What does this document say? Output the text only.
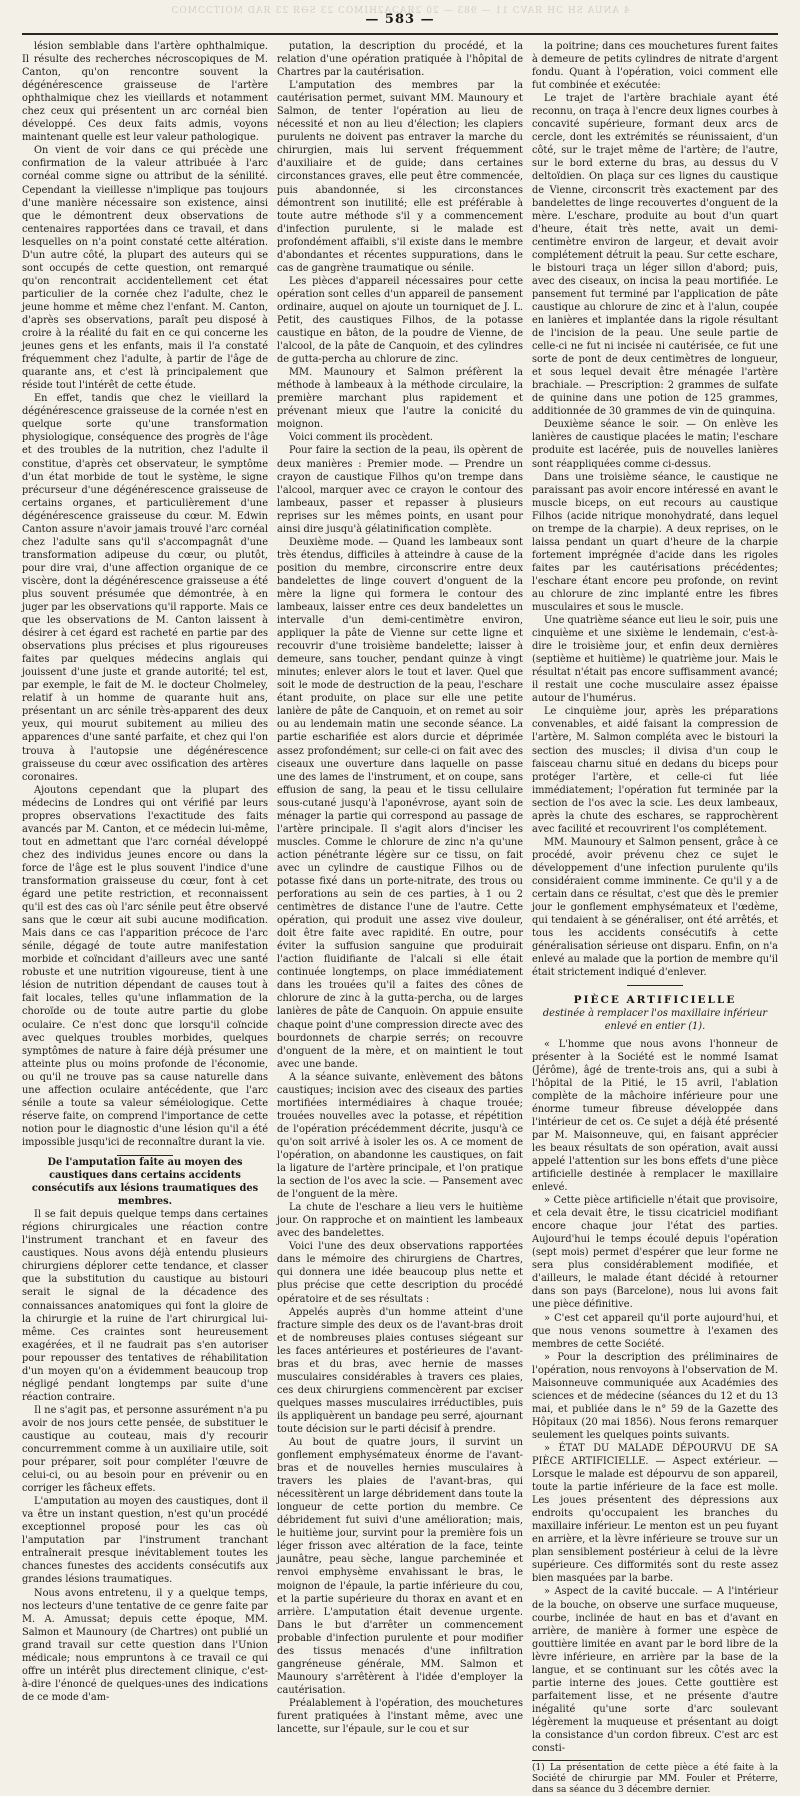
4 ANUA SH ƆH ЯAVƆ 11 — 983 — 20 2ЯAƆA2HIMOƆ 23 SƏЯ 23 ЯAD MOITƆƆMOƆ
— 583 —

lésion semblable dans l'artère ophthalmique. Il résulte des recherches nécroscopiques de M. Canton, qu'on rencontre souvent la dégénérescence graisseuse de l'artère ophthalmique chez les vieillards et notamment chez ceux qui présentent un arc cornéal bien développé. Ces deux faits admis, voyons maintenant quelle est leur valeur pathologique.

On vient de voir dans ce qui précède une confirmation de la valeur attribuée à l'arc cornéal comme signe ou attribut de la sénilité. Cependant la vieillesse n'implique pas toujours d'une manière nécessaire son existence, ainsi que le démontrent deux observations de centenaires rapportées dans ce travail, et dans lesquelles on n'a point constaté cette altération. D'un autre côté, la plupart des auteurs qui se sont occupés de cette question, ont remarqué qu'on rencontrait accidentellement cet état particulier de la cornée chez l'adulte, chez le jeune homme et même chez l'enfant. M. Canton, d'après ses observations, paraît peu disposé à croire à la réalité du fait en ce qui concerne les jeunes gens et les enfants, mais il l'a constaté fréquemment chez l'adulte, à partir de l'âge de quarante ans, et c'est là principalement que réside tout l'intérêt de cette étude.

En effet, tandis que chez le vieillard la dégénérescence graisseuse de la cornée n'est en quelque sorte qu'une transformation physiologique, conséquence des progrès de l'âge et des troubles de la nutrition, chez l'adulte il constitue, d'après cet observateur, le symptôme d'un état morbide de tout le système, le signe précurseur d'une dégénérescence graisseuse de certains organes, et particulièrement d'une dégénérescence graisseuse du cœur. M. Edwin Canton assure n'avoir jamais trouvé l'arc cornéal chez l'adulte sans qu'il s'accompagnât d'une transformation adipeuse du cœur, ou plutôt, pour dire vrai, d'une affection organique de ce viscère, dont la dégénérescence graisseuse a été plus souvent présumée que démontrée, à en juger par les observations qu'il rapporte. Mais ce que les observations de M. Canton laissent à désirer à cet égard est racheté en partie par des observations plus précises et plus rigoureuses faites par quelques médecins anglais qui jouissent d'une juste et grande autorité; tel est, par exemple, le fait de M. le docteur Cholmeley, relatif à un homme de quarante huit ans, présentant un arc sénile très-apparent des deux yeux, qui mourut subitement au milieu des apparences d'une santé parfaite, et chez qui l'on trouva à l'autopsie une dégénérescence graisseuse du cœur avec ossification des artères coronaires.

Ajoutons cependant que la plupart des médecins de Londres qui ont vérifié par leurs propres observations l'exactitude des faits avancés par M. Canton, et ce médecin lui-même, tout en admettant que l'arc cornéal développé chez des individus jeunes encore ou dans la force de l'âge est le plus souvent l'indice d'une transformation graisseuse du cœur, font à cet égard une petite restriction, et reconnaissent qu'il est des cas où l'arc sénile peut être observé sans que le cœur ait subi aucune modification. Mais dans ce cas l'apparition précoce de l'arc sénile, dégagé de toute autre manifestation morbide et coïncidant d'ailleurs avec une santé robuste et une nutrition vigoureuse, tient à une lésion de nutrition dépendant de causes tout à fait locales, telles qu'une inflammation de la choroïde ou de toute autre partie du globe oculaire. Ce n'est donc que lorsqu'il coïncide avec quelques troubles morbides, quelques symptômes de nature à faire déjà présumer une atteinte plus ou moins profonde de l'économie, ou qu'il ne trouve pas sa cause naturelle dans une affection oculaire antécédente, que l'arc sénile a toute sa valeur séméiologique. Cette réserve faite, on comprend l'importance de cette notion pour le diagnostic d'une lésion qu'il a été impossible jusqu'ici de reconnaître durant la vie.

De l'amputation faite au moyen des caustiques dans certains accidents consécutifs aux lésions traumatiques des membres.

Il se fait depuis quelque temps dans certaines régions chirurgicales une réaction contre l'instrument tranchant et en faveur des caustiques. Nous avons déjà entendu plusieurs chirurgiens déplorer cette tendance, et classer que la substitution du caustique au bistouri serait le signal de la décadence des connaissances anatomiques qui font la gloire de la chirurgie et la ruine de l'art chirurgical lui-même. Ces craintes sont heureusement exagérées, et il ne faudrait pas s'en autoriser pour repousser des tentatives de réhabilitation d'un moyen qu'on a évidemment beaucoup trop négligé pendant longtemps par suite d'une réaction contraire.

Il ne s'agit pas, et personne assurément n'a pu avoir de nos jours cette pensée, de substituer le caustique au couteau, mais d'y recourir concurremment comme à un auxiliaire utile, soit pour préparer, soit pour compléter l'œuvre de celui-ci, ou au besoin pour en prévenir ou en corriger les fâcheux effets.

L'amputation au moyen des caustiques, dont il va être un instant question, n'est qu'un procédé exceptionnel proposé pour les cas où l'amputation par l'instrument tranchant entraînerait presque inévitablement toutes les chances funestes des accidents consécutifs aux grandes lésions traumatiques.

Nous avons entretenu, il y a quelque temps, nos lecteurs d'une tentative de ce genre faite par M. A. Amussat; depuis cette époque, MM. Salmon et Maunoury (de Chartres) ont publié un grand travail sur cette question dans l'Union médicale; nous empruntons à ce travail ce qui offre un intérêt plus directement clinique, c'est-à-dire l'énoncé de quelques-unes des indications de ce mode d'am-

putation, la description du procédé, et la relation d'une opération pratiquée à l'hôpital de Chartres par la cautérisation.

L'amputation des membres par la cautérisation permet, suivant MM. Maunoury et Salmon, de tenter l'opération au lieu de nécessité et non au lieu d'élection; les clapiers purulents ne doivent pas entraver la marche du chirurgien, mais lui servent fréquemment d'auxiliaire et de guide; dans certaines circonstances graves, elle peut être commencée, puis abandonnée, si les circonstances démontrent son inutilité; elle est préférable à toute autre méthode s'il y a commencement d'infection purulente, si le malade est profondément affaibli, s'il existe dans le membre d'abondantes et récentes suppurations, dans le cas de gangrène traumatique ou sénile.

Les pièces d'appareil nécessaires pour cette opération sont celles d'un appareil de pansement ordinaire, auquel on ajoute un tourniquet de J. L. Petit, des caustiques Filhos, de la potasse caustique en bâton, de la poudre de Vienne, de l'alcool, de la pâte de Canquoin, et des cylindres de gutta-percha au chlorure de zinc.

MM. Maunoury et Salmon préfèrent la méthode à lambeaux à la méthode circulaire, la première marchant plus rapidement et prévenant mieux que l'autre la conicité du moignon.

Voici comment ils procèdent.

Pour faire la section de la peau, ils opèrent de deux manières : Premier mode. — Prendre un crayon de caustique Filhos qu'on trempe dans l'alcool, marquer avec ce crayon le contour des lambeaux, passer et repasser à plusieurs reprises sur les mêmes points, en usant pour ainsi dire jusqu'à gélatinification complète.

Deuxième mode. — Quand les lambeaux sont très étendus, difficiles à atteindre à cause de la position du membre, circonscrire entre deux bandelettes de linge couvert d'onguent de la mère la ligne qui formera le contour des lambeaux, laisser entre ces deux bandelettes un intervalle d'un demi-centimètre environ, appliquer la pâte de Vienne sur cette ligne et recouvrir d'une troisième bandelette; laisser à demeure, sans toucher, pendant quinze à vingt minutes; enlever alors le tout et laver. Quel que soit le mode de destruction de la peau, l'eschare étant produite, on place sur elle une petite lanière de pâte de Canquoin, et on remet au soir ou au lendemain matin une seconde séance. La partie escharifiée est alors durcie et déprimée assez profondément; sur celle-ci on fait avec des ciseaux une ouverture dans laquelle on passe une des lames de l'instrument, et on coupe, sans effusion de sang, la peau et le tissu cellulaire sous-cutané jusqu'à l'aponévrose, ayant soin de ménager la partie qui correspond au passage de l'artère principale. Il s'agit alors d'inciser les muscles. Comme le chlorure de zinc n'a qu'une action pénétrante légère sur ce tissu, on fait avec un cylindre de caustique Filhos ou de potasse fixé dans un porte-nitrate, des trous ou perforations au sein de ces parties, à 1 ou 2 centimètres de distance l'une de l'autre. Cette opération, qui produit une assez vive douleur, doit être faite avec rapidité. En outre, pour éviter la suffusion sanguine que produirait l'action fluidifiante de l'alcali si elle était continuée longtemps, on place immédiatement dans les trouées qu'il a faites des cônes de chlorure de zinc à la gutta-percha, ou de larges lanières de pâte de Canquoin. On appuie ensuite chaque point d'une compression directe avec des bourdonnets de charpie serrés; on recouvre d'onguent de la mère, et on maintient le tout avec une bande.

A la séance suivante, enlèvement des bâtons caustiques; incision avec des ciseaux des parties mortifiées intermédiaires à chaque trouée; trouées nouvelles avec la potasse, et répétition de l'opération précédemment décrite, jusqu'à ce qu'on soit arrivé à isoler les os. A ce moment de l'opération, on abandonne les caustiques, on fait la ligature de l'artère principale, et l'on pratique la section de l'os avec la scie. — Pansement avec de l'onguent de la mère.

La chute de l'eschare a lieu vers le huitième jour. On rapproche et on maintient les lambeaux avec des bandelettes.

Voici l'une des deux observations rapportées dans le mémoire des chirurgiens de Chartres, qui donnera une idée beaucoup plus nette et plus précise que cette description du procédé opératoire et de ses résultats :

Appelés auprès d'un homme atteint d'une fracture simple des deux os de l'avant-bras droit et de nombreuses plaies contuses siégeant sur les faces antérieures et postérieures de l'avant-bras et du bras, avec hernie de masses musculaires considérables à travers ces plaies, ces deux chirurgiens commencèrent par exciser quelques masses musculaires irréductibles, puis ils appliquèrent un bandage peu serré, ajournant toute décision sur le parti décisif à prendre.

Au bout de quatre jours, il survint un gonflement emphysémateux énorme de l'avant-bras et de nouvelles hernies musculaires à travers les plaies de l'avant-bras, qui nécessitèrent un large débridement dans toute la longueur de cette portion du membre. Ce débridement fut suivi d'une amélioration; mais, le huitième jour, survint pour la première fois un léger frisson avec altération de la face, teinte jaunâtre, peau sèche, langue parcheminée et renvoi emphysème envahissant le bras, le moignon de l'épaule, la partie inférieure du cou, et la partie supérieure du thorax en avant et en arrière. L'amputation était devenue urgente. Dans le but d'arrêter un commencement probable d'infection purulente et pour modifier des tissus menacés d'une infiltration gangréneuse générale, MM. Salmon et Maunoury s'arrêtèrent à l'idée d'employer la cautérisation.

Préalablement à l'opération, des mouchetures furent pratiquées à l'instant même, avec une lancette, sur l'épaule, sur le cou et sur

la poitrine; dans ces mouchetures furent faites à demeure de petits cylindres de nitrate d'argent fondu. Quant à l'opération, voici comment elle fut combinée et exécutée:

Le trajet de l'artère brachiale ayant été reconnu, on traça à l'encre deux lignes courbes à concavité supérieure, formant deux arcs de cercle, dont les extrémités se réunissaient, d'un côté, sur le trajet même de l'artère; de l'autre, sur le bord externe du bras, au dessus du V deltoïdien. On plaça sur ces lignes du caustique de Vienne, circonscrit très exactement par des bandelettes de linge recouvertes d'onguent de la mère. L'eschare, produite au bout d'un quart d'heure, était très nette, avait un demi-centimètre environ de largeur, et devait avoir complétement détruit la peau. Sur cette eschare, le bistouri traça un léger sillon d'abord; puis, avec des ciseaux, on incisa la peau mortifiée. Le pansement fut terminé par l'application de pâte caustique au chlorure de zinc et à l'alun, coupée en lanières et implantée dans la rigole résultant de l'incision de la peau. Une seule partie de celle-ci ne fut ni incisée ni cautérisée, ce fut une sorte de pont de deux centimètres de longueur, et sous lequel devait être ménagée l'artère brachiale. — Prescription: 2 grammes de sulfate de quinine dans une potion de 125 grammes, additionnée de 30 grammes de vin de quinquina.

Deuxième séance le soir. — On enlève les lanières de caustique placées le matin; l'eschare produite est lacérée, puis de nouvelles lanières sont réappliquées comme ci-dessus.

Dans une troisième séance, le caustique ne paraissant pas avoir encore intéressé en avant le muscle biceps, on eut recours au caustique Filhos (acide nitrique monohydraté, dans lequel on trempe de la charpie). A deux reprises, on le laissa pendant un quart d'heure de la charpie fortement imprégnée d'acide dans les rigoles faites par les cautérisations précédentes; l'eschare étant encore peu profonde, on revint au chlorure de zinc implanté entre les fibres musculaires et sous le muscle.

Une quatrième séance eut lieu le soir, puis une cinquième et une sixième le lendemain, c'est-à-dire le troisième jour, et enfin deux dernières (septième et huitième) le quatrième jour. Mais le résultat n'était pas encore suffisamment avancé; il restait une coche musculaire assez épaisse autour de l'humérus.

Le cinquième jour, après les préparations convenables, et aidé faisant la compression de l'artère, M. Salmon compléta avec le bistouri la section des muscles; il divisa d'un coup le faisceau charnu situé en dedans du biceps pour protéger l'artère, et celle-ci fut liée immédiatement; l'opération fut terminée par la section de l'os avec la scie. Les deux lambeaux, après la chute des eschares, se rapprochèrent avec facilité et recouvrirent l'os complétement.

MM. Maunoury et Salmon pensent, grâce à ce procédé, avoir prévenu chez ce sujet le développement d'une infection purulente qu'ils considéraient comme imminente. Ce qu'il y a de certain dans ce résultat, c'est que dès le premier jour le gonflement emphysémateux et l'œdème, qui tendaient à se généraliser, ont été arrêtés, et tous les accidents consécutifs à cette généralisation sérieuse ont disparu. Enfin, on n'a enlevé au malade que la portion de membre qu'il était strictement indiqué d'enlever.

PIÈCE ARTIFICIELLE
destinée à remplacer l'os maxillaire inférieur enlevé en entier (1).

« L'homme que nous avons l'honneur de présenter à la Société est le nommé Isamat (Jérôme), âgé de trente-trois ans, qui a subi à l'hôpital de la Pitié, le 15 avril, l'ablation complète de la mâchoire inférieure pour une énorme tumeur fibreuse développée dans l'intérieur de cet os. Ce sujet a déjà été présenté par M. Maisonneuve, qui, en faisant apprécier les beaux résultats de son opération, avait aussi appelé l'attention sur les bons effets d'une pièce artificielle destinée à remplacer le maxillaire enlevé.

» Cette pièce artificielle n'était que provisoire, et cela devait être, le tissu cicatriciel modifiant encore chaque jour l'état des parties. Aujourd'hui le temps écoulé depuis l'opération (sept mois) permet d'espérer que leur forme ne sera plus considérablement modifiée, et d'ailleurs, le malade étant décidé à retourner dans son pays (Barcelone), nous lui avons fait une pièce définitive.

» C'est cet appareil qu'il porte aujourd'hui, et que nous venons soumettre à l'examen des membres de cette Société.

» Pour la description des préliminaires de l'opération, nous renvoyons à l'observation de M. Maisonneuve communiquée aux Académies des sciences et de médecine (séances du 12 et du 13 mai, et publiée dans le n° 59 de la Gazette des Hôpitaux (20 mai 1856). Nous ferons remarquer seulement les quelques points suivants.

» ÉTAT DU MALADE DÉPOURVU DE SA PIÈCE ARTIFICIELLE. — Aspect extérieur. — Lorsque le malade est dépourvu de son appareil, toute la partie inférieure de la face est molle. Les joues présentent des dépressions aux endroits qu'occupaient les branches du maxillaire inférieur. Le menton est un peu fuyant en arrière, et la lèvre inférieure se trouve sur un plan sensiblement postérieur à celui de la lèvre supérieure. Ces difformités sont du reste assez bien masquées par la barbe.

» Aspect de la cavité buccale. — A l'intérieur de la bouche, on observe une surface muqueuse, courbe, inclinée de haut en bas et d'avant en arrière, de manière à former une espèce de gouttière limitée en avant par le bord libre de la lèvre inférieure, en arrière par la base de la langue, et se continuant sur les côtés avec la partie interne des joues. Cette gouttière est parfaitement lisse, et ne présente d'autre inégalité qu'une sorte d'arc soulevant légèrement la muqueuse et présentant au doigt la consistance d'un cordon fibreux. C'est arc est consti-

(1) La présentation de cette pièce a été faite à la Société de chirurgie par MM. Fouler et Préterre, dans sa séance du 3 décembre dernier.
